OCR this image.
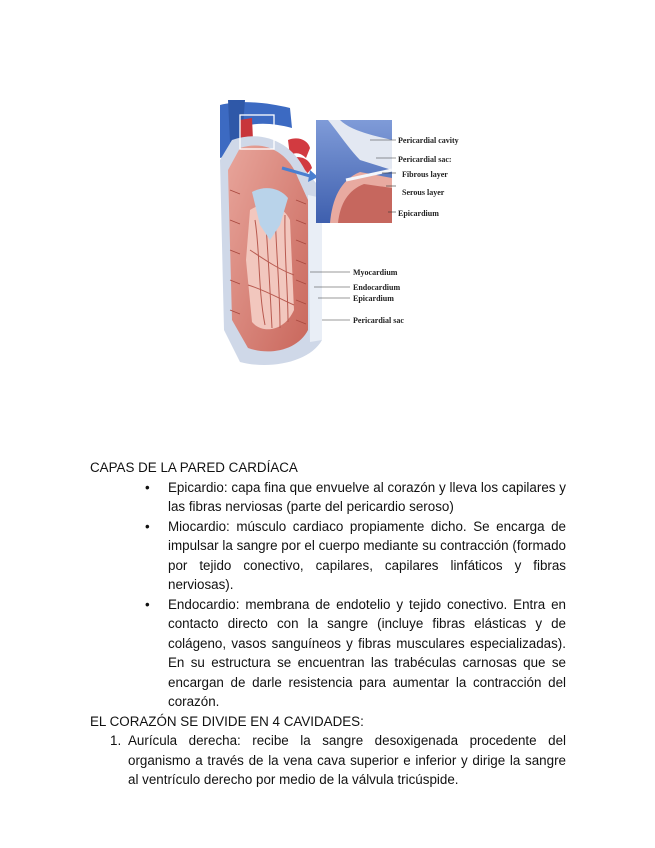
Pericardial cavity
Pericardial sac:
Fibrous layer
Serous layer
Epicardium
Myocardium
Endocardium
Epicardium
Pericardial sac

CAPAS DE LA PARED CARDÍACA

• Epicardio: capa fina que envuelve al corazón y lleva los capilares y las fibras nerviosas (parte del pericardio seroso)
• Miocardio: músculo cardiaco propiamente dicho. Se encarga de impulsar la sangre por el cuerpo mediante su contracción (formado por tejido conectivo, capilares, capilares linfáticos y fibras nerviosas).
• Endocardio: membrana de endotelio y tejido conectivo. Entra en contacto directo con la sangre (incluye fibras elásticas y de colágeno, vasos sanguíneos y fibras musculares especializadas). En su estructura se encuentran las trabéculas carnosas que se encargan de darle resistencia para aumentar la contracción del corazón.

EL CORAZÓN SE DIVIDE EN 4 CAVIDADES:

1. Aurícula derecha: recibe la sangre desoxigenada procedente del organismo a través de la vena cava superior e inferior y dirige la sangre al ventrículo derecho por medio de la válvula tricúspide.
